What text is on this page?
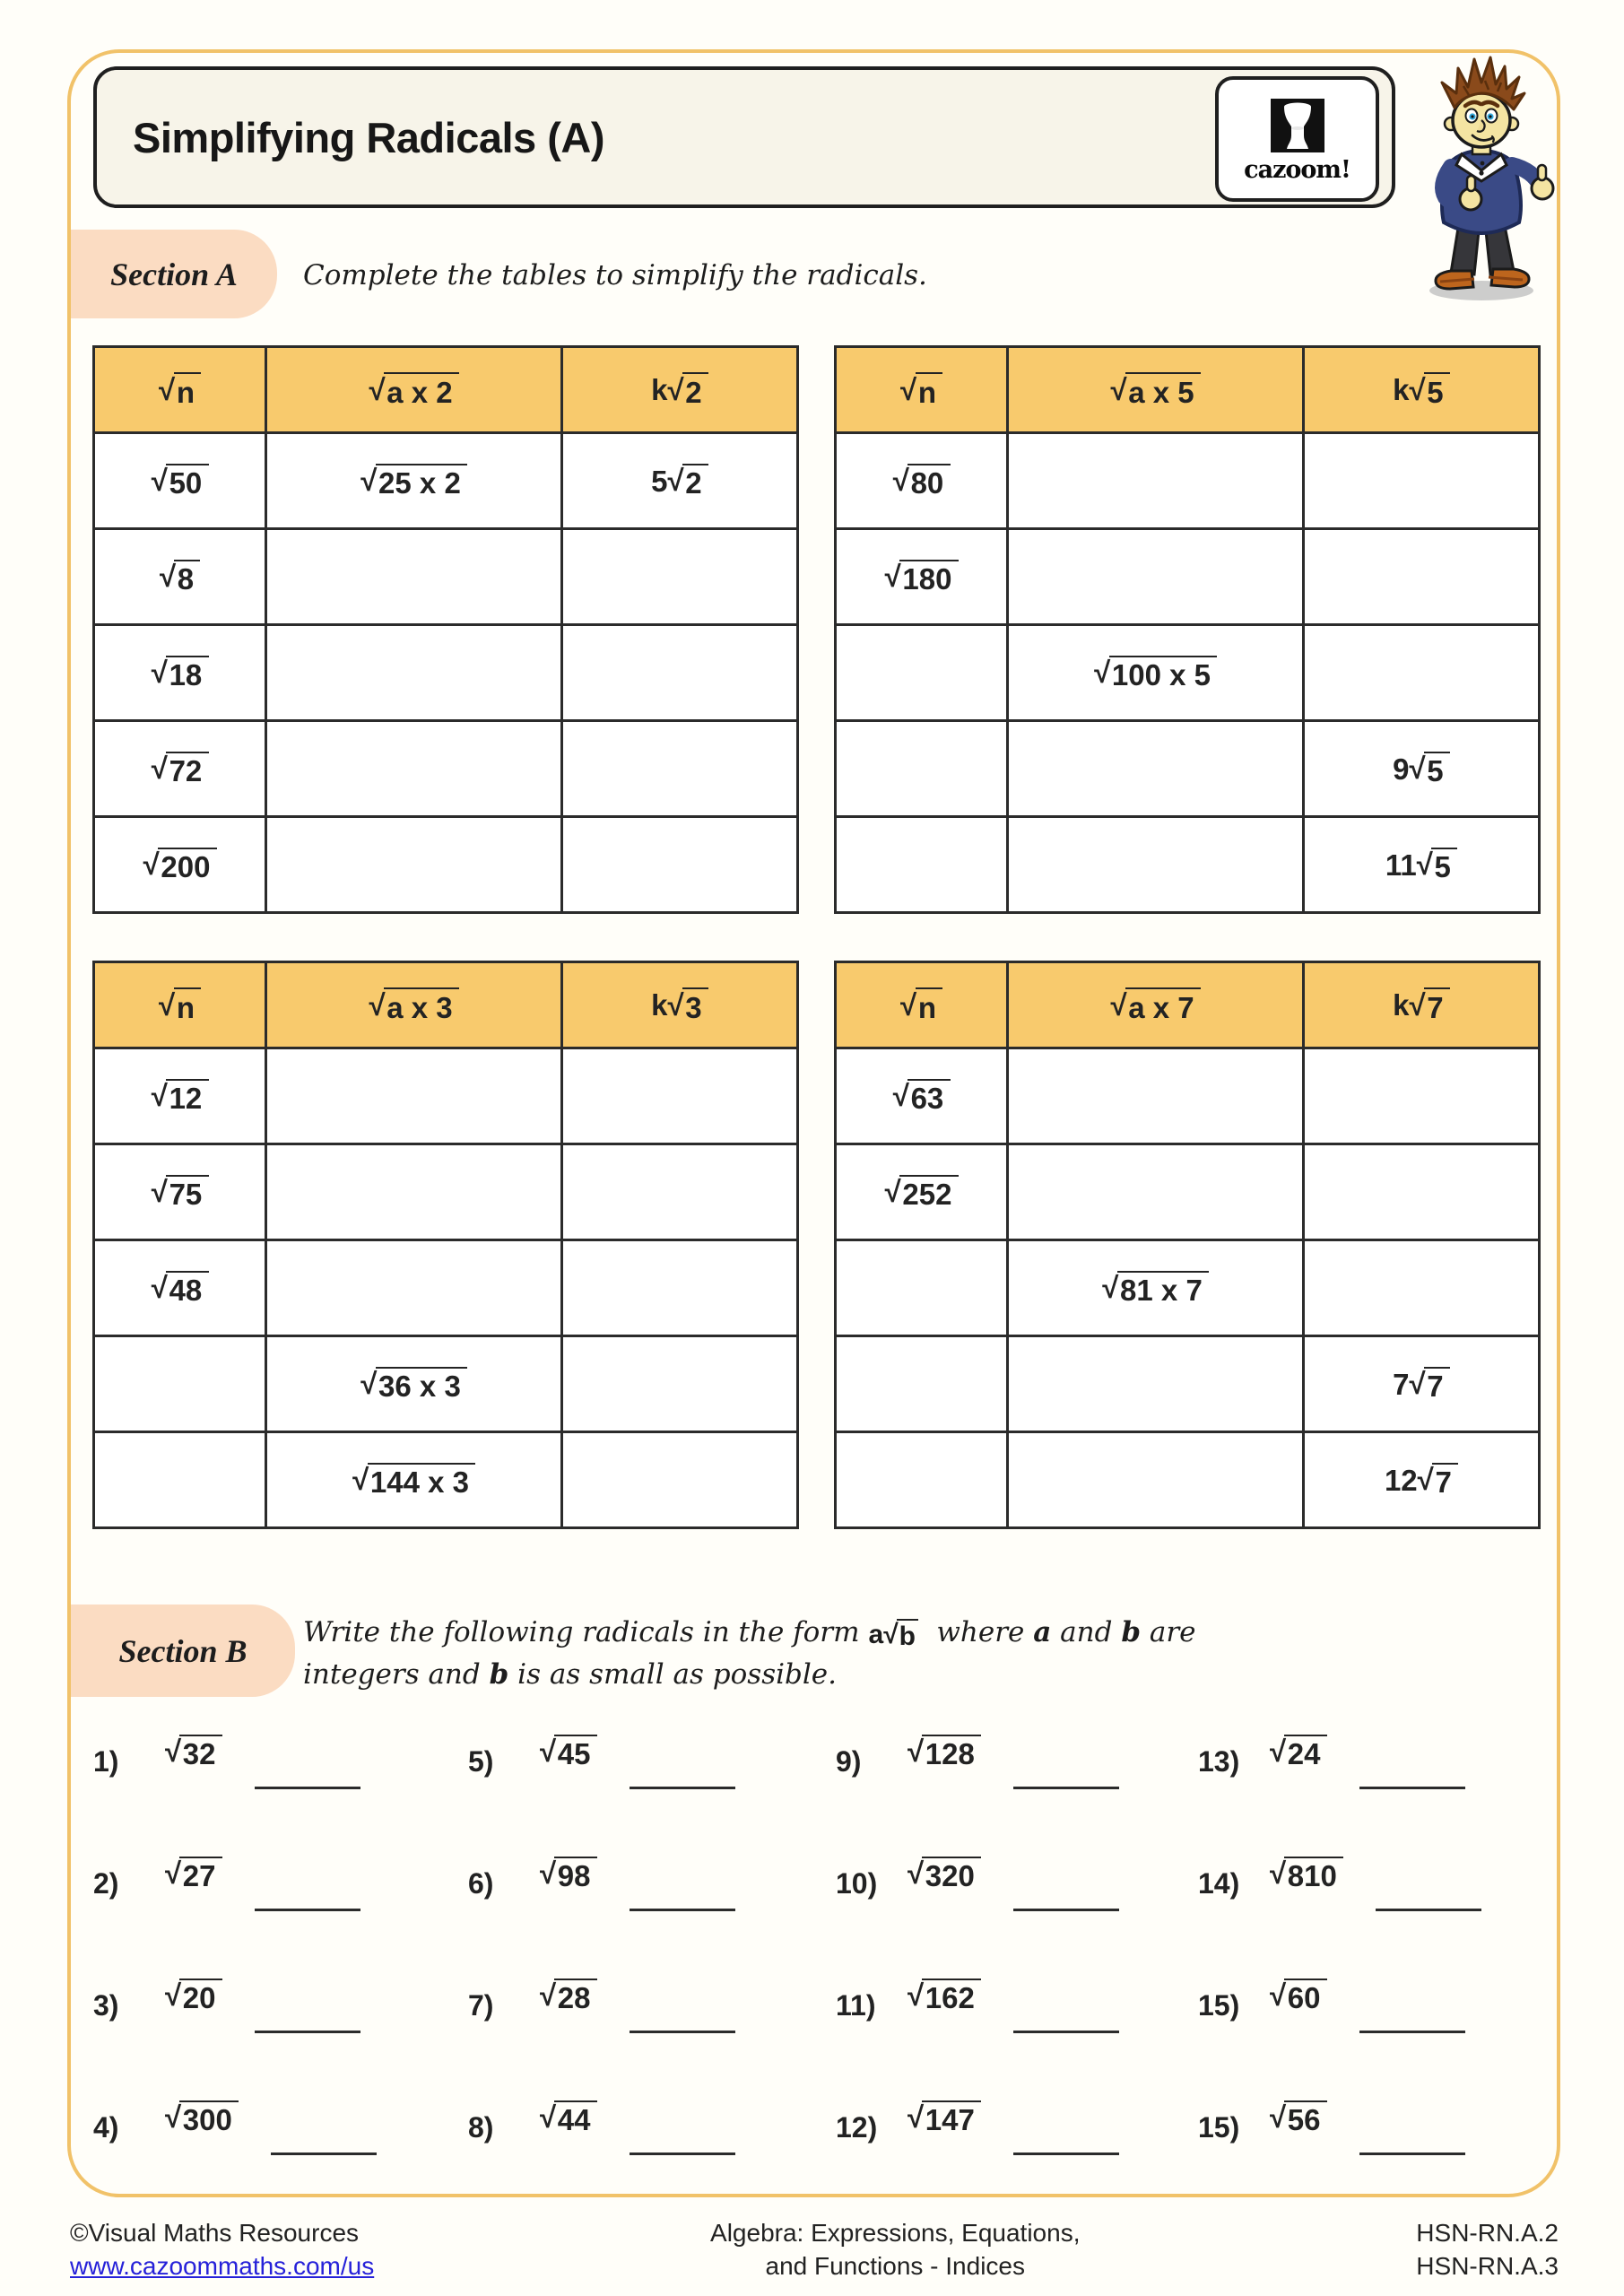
Simplifying Radicals (A)
cazoom!
Section A Complete the tables to simplify the radicals.
√ n	√ a x 2	k √ 2

√ 50	√ 25 x 2	5 √ 2

√ 8		

√ 18		

√ 72		

√ 200		

√ n	√ a x 5	k √ 5

√ 80		

√ 180		

	√ 100 x 5	

		9 √ 5

		11 √ 5
√ n	√ a x 3	k √ 3

√ 12		

√ 75		

√ 48		

	√ 36 x 3	

	√ 144 x 3	

√ n	√ a x 7	k √ 7

√ 63		

√ 252		

	√ 81 x 7	

		7 √ 7

		12 √ 7
Section B
Write the following radicals in the form a √ b where a and b are
integers and b is as small as possible.
1)	√ 32	5)	√ 45	9)	√ 128	13) √ 24
2)	√ 27	6)	√ 98	10) √ 320	14) √ 810
3)	√ 20	7)	√ 28	11) √ 162	15) √ 60
4)	√ 300	8)	√ 44	12) √ 147	15) √ 56
©Visual Maths Resources
www.cazoommaths.com/us
Algebra: Expressions, Equations,
and Functions - Indices
HSN-RN.A.2
HSN-RN.A.3
